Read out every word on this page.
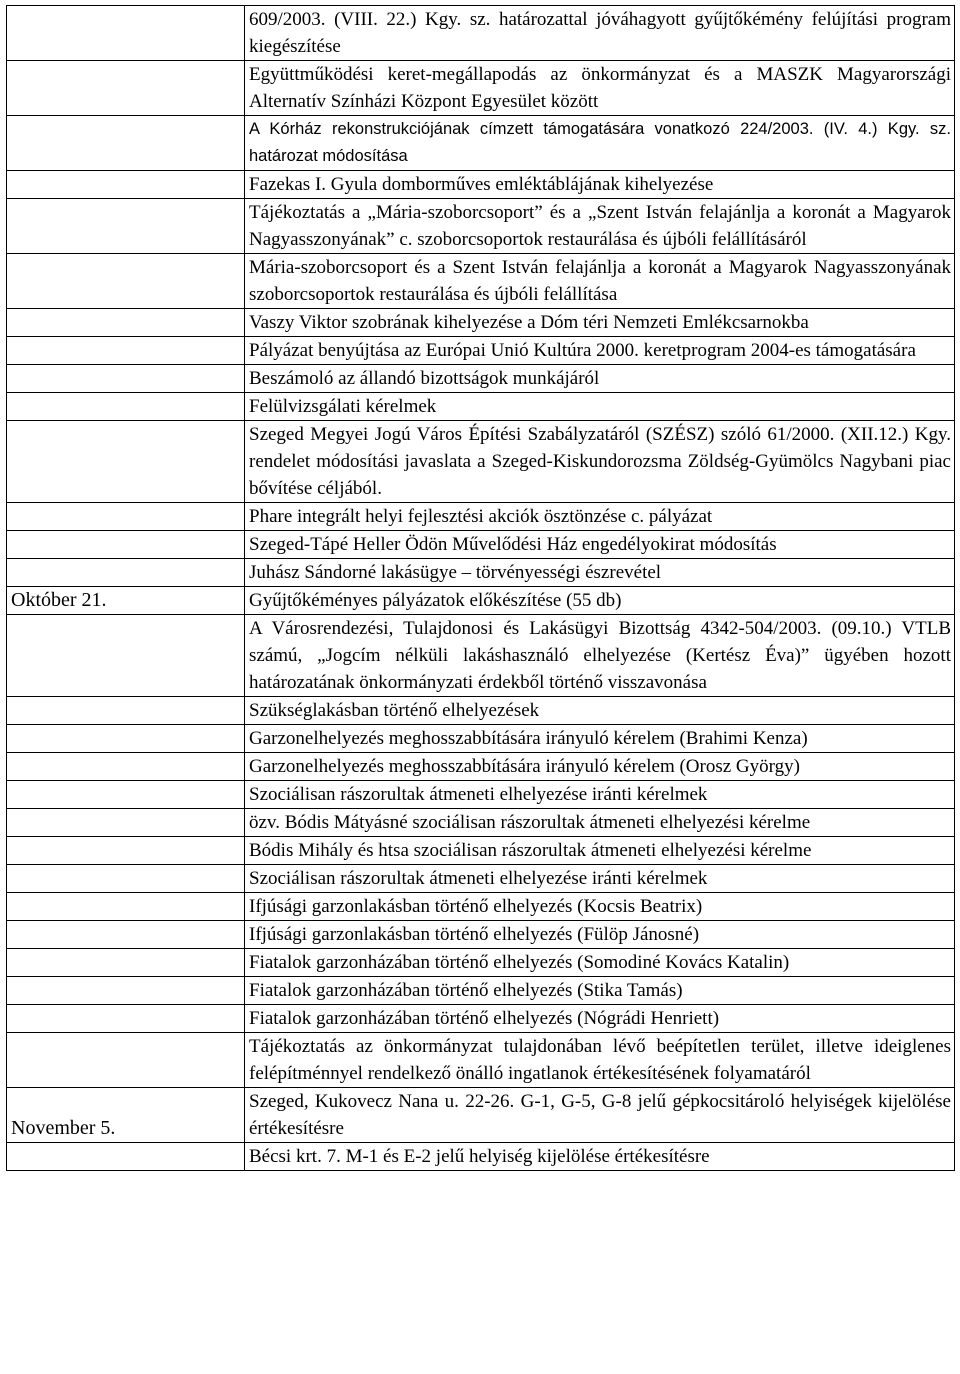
	609/2003. (VIII. 22.) Kgy. sz. határozattal jóváhagyott gyűjtőkémény felújítási program kiegészítése

	Együttműködési keret-megállapodás az önkormányzat és a MASZK Magyarországi Alternatív Színházi Központ Egyesület között

	A Kórház rekonstrukciójának címzett támogatására vonatkozó 224/2003. (IV. 4.) Kgy. sz. határozat módosítása

	Fazekas I. Gyula domborműves emléktáblájának kihelyezése

	Tájékoztatás a „Mária-szoborcsoport” és a „Szent István felajánlja a koronát a Magyarok Nagyasszonyának” c. szoborcsoportok restaurálása és újbóli felállításáról

	Mária-szoborcsoport és a Szent István felajánlja a koronát a Magyarok Nagyasszonyának szoborcsoportok restaurálása és újbóli felállítása

	Vaszy Viktor szobrának kihelyezése a Dóm téri Nemzeti Emlékcsarnokba

	Pályázat benyújtása az Európai Unió Kultúra 2000. keretprogram 2004-es támogatására

	Beszámoló az állandó bizottságok munkájáról

	Felülvizsgálati kérelmek

	Szeged Megyei Jogú Város Építési Szabályzatáról (SZÉSZ) szóló 61/2000. (XII.12.) Kgy. rendelet módosítási javaslata a Szeged-Kiskundorozsma Zöldség-Gyümölcs Nagybani piac bővítése céljából.

	Phare integrált helyi fejlesztési akciók ösztönzése c. pályázat

	Szeged-Tápé Heller Ödön Művelődési Ház engedélyokirat módosítás

	Juhász Sándorné lakásügye – törvényességi észrevétel

Október 21.	Gyűjtőkéményes pályázatok előkészítése (55 db)

	A Városrendezési, Tulajdonosi és Lakásügyi Bizottság 4342-504/2003. (09.10.) VTLB számú, „Jogcím nélküli lakáshasználó elhelyezése (Kertész Éva)” ügyében hozott határozatának önkormányzati érdekből történő visszavonása

	Szükséglakásban történő elhelyezések

	Garzonelhelyezés meghosszabbítására irányuló kérelem (Brahimi Kenza)

	Garzonelhelyezés meghosszabbítására irányuló kérelem (Orosz György)

	Szociálisan rászorultak átmeneti elhelyezése iránti kérelmek

	özv. Bódis Mátyásné szociálisan rászorultak átmeneti elhelyezési kérelme

	Bódis Mihály és htsa szociálisan rászorultak átmeneti elhelyezési kérelme

	Szociálisan rászorultak átmeneti elhelyezése iránti kérelmek

	Ifjúsági garzonlakásban történő elhelyezés (Kocsis Beatrix)

	Ifjúsági garzonlakásban történő elhelyezés (Fülöp Jánosné)

	Fiatalok garzonházában történő elhelyezés (Somodiné Kovács Katalin)

	Fiatalok garzonházában történő elhelyezés (Stika Tamás)

	Fiatalok garzonházában történő elhelyezés (Nógrádi Henriett)

	Tájékoztatás az önkormányzat tulajdonában lévő beépítetlen terület, illetve ideiglenes felépítménnyel rendelkező önálló ingatlanok értékesítésének folyamatáról

November 5.	Szeged, Kukovecz Nana u. 22-26. G-1, G-5, G-8 jelű gépkocsitároló helyiségek kijelölése értékesítésre

	Bécsi krt. 7. M-1 és E-2 jelű helyiség kijelölése értékesítésre
